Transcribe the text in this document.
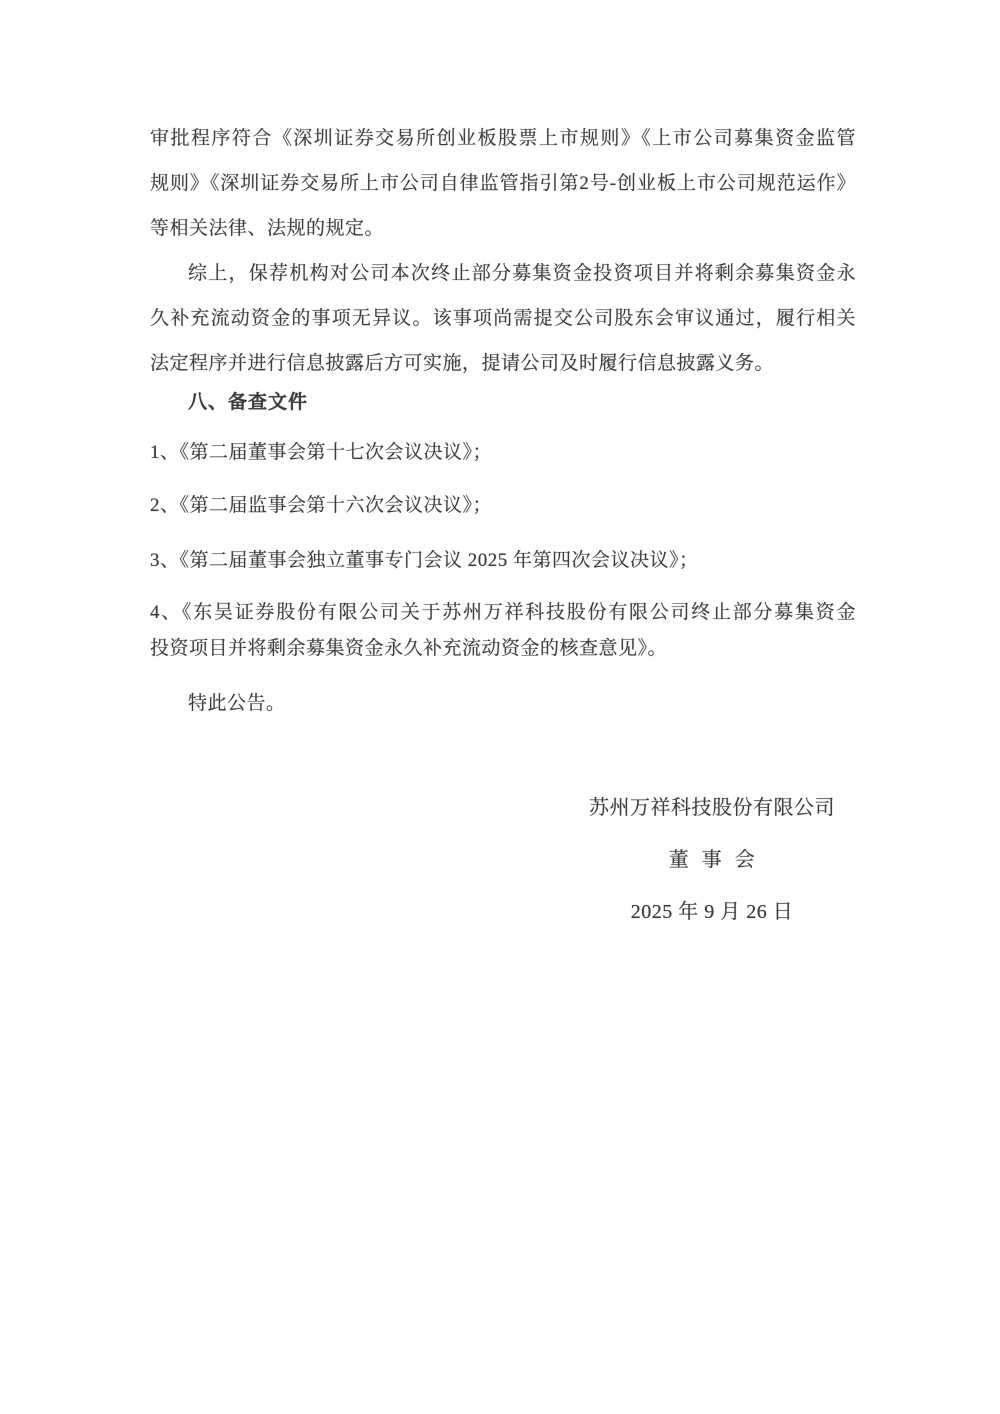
审批程序符合《深圳证券交易所创业板股票上市规则》《上市公司募集资金监管
规则》《深圳证券交易所上市公司自律监管指引第2号-创业板上市公司规范运作》
等相关法律、法规的规定。
综上，保荐机构对公司本次终止部分募集资金投资项目并将剩余募集资金永
久补充流动资金的事项无异议。该事项尚需提交公司股东会审议通过，履行相关
法定程序并进行信息披露后方可实施，提请公司及时履行信息披露义务。
八、备查文件
1、《第二届董事会第十七次会议决议》；
2、《第二届监事会第十六次会议决议》；
3、《第二届董事会独立董事专门会议 2025 年第四次会议决议》；
4、《东吴证券股份有限公司关于苏州万祥科技股份有限公司终止部分募集资金
投资项目并将剩余募集资金永久补充流动资金的核查意见》。
特此公告。
苏州万祥科技股份有限公司
董 事 会
2025 年 9 月 26 日
